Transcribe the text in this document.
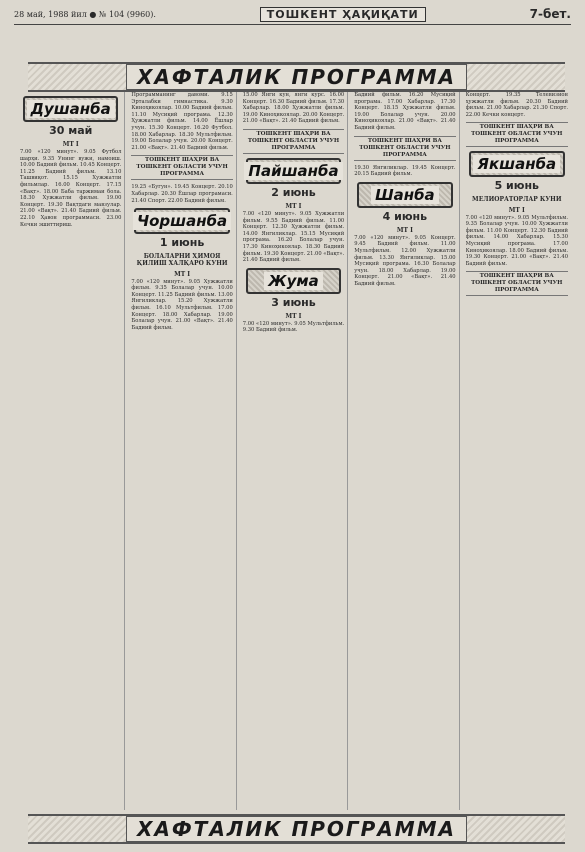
28 май, 1988 йил ● № 104 (9960).	ТОШКЕНТ ҲАҚИҚАТИ	7-бет.
ХАФТАЛИК ПРОГРАММА
Душанба
30 май
МТ I
7.00 «120 минут». 9.05 Футбол шарҳи. 9.35 Унинг вужи, намоиш. 10.00 Бадиий фильм. 10.45 Концерт. 11.25 Бадиий фильм. 13.10 Ташвиқот. 15.15 Хужжатли фильмлар. 16.00 Концерт. 17.15 «Вақт». 18.00 Баба таржимаи бола. 18.30 Хужжатли фильм. 19.00 Концерт. 19.30 Вақтдаги мавзулар. 21.00 «Вақт». 21.40 Бадиий фильм. 22.10 Ҳавон программаси. 23.00 Кечки эшиттириш.
Программанинг давоми. 9.15 Эрталабки гимнастика. 9.30 Киноҳикоялар. 10.00 Бадиий фильм. 11.10 Мусиқий програма. 12.30 Ҳужжатли фильм. 14.00 Ёшлар учун. 15.30 Концерт. 16.20 Футбол. 18.00 Хабарлар. 18.30 Мультфильм. 19.00 Болалар учун. 20.00 Концерт. 21.00 «Вақт». 21.40 Бадиий фильм.
ТОШКЕНТ ШАҲРИ ВА ТОШКЕНТ ОБЛАСТИ УЧУН ПРОГРАММА
19.25 «Бугун». 19.45 Концерт. 20.10 Хабарлар. 20.30 Ёшлар програмаси. 21.40 Спорт. 22.00 Бадиий фильм.
Чоршанба
1 июнь
БОЛАЛАРНИ ҲИМОЯ ҚИЛИШ ХАЛҚАРО КУНИ
МТ I
7.00 «120 минут». 9.05 Хужжатли фильм. 9.35 Болалар учун. 10.00 Концерт. 11.25 Бадиий фильм. 13.00 Янгиликлар. 15.20 Хужжатли фильм. 16.10 Мультфильм. 17.00 Концерт. 18.00 Хабарлар. 19.00 Болалар учун. 21.00 «Вақт». 21.40 Бадиий фильм.
15.00 Янги кун, янги курс. 16.00 Концерт. 16.30 Бадиий фильм. 17.30 Хабарлар. 18.00 Ҳужжатли фильм. 19.00 Киноҳикоялар. 20.00 Концерт. 21.00 «Вақт». 21.40 Бадиий фильм.
ТОШКЕНТ ШАҲРИ ВА ТОШКЕНТ ОБЛАСТИ УЧУН ПРОГРАММА
Пайшанба
2 июнь
МТ I
7.00 «120 минут». 9.05 Хужжатли фильм. 9.55 Бадиий фильм. 11.00 Концерт. 12.30 Ҳужжатли фильм. 14.00 Янгиликлар. 15.15 Мусиқий програма. 16.20 Болалар учун. 17.30 Киноҳикоялар. 18.30 Бадиий фильм. 19.30 Концерт. 21.00 «Вақт». 21.40 Бадиий фильм.
Жума
3 июнь
МТ I
7.00 «120 минут». 9.05 Мультфильм. 9.30 Бадиий фильм.
Бадиий фильм. 16.20 Мусиқий програма. 17.00 Хабарлар. 17.30 Концерт. 18.15 Ҳужжатли фильм. 19.00 Болалар учун. 20.00 Киноҳикоялар. 21.00 «Вақт». 21.40 Бадиий фильм.
ТОШКЕНТ ШАҲРИ ВА ТОШКЕНТ ОБЛАСТИ УЧУН ПРОГРАММА
19.30 Янгиликлар. 19.45 Концерт. 20.15 Бадиий фильм.
Шанба
4 июнь
МТ I
7.00 «120 минут». 9.05 Концерт. 9.45 Бадиий фильм. 11.00 Мультфильм. 12.00 Хужжатли фильм. 13.30 Янгиликлар. 15.00 Мусиқий програма. 16.30 Болалар учун. 18.00 Хабарлар. 19.00 Концерт. 21.00 «Вақт». 21.40 Бадиий фильм.
Концерт. 19.35 Телевизион ҳужжатли фильм. 20.30 Бадиий фильм. 21.00 Хабарлар. 21.30 Спорт. 22.00 Кечки концерт.
ТОШКЕНТ ШАҲРИ ВА ТОШКЕНТ ОБЛАСТИ УЧУН ПРОГРАММА
Якшанба
5 июнь
МЕЛИОРАТОРЛАР КУНИ
МТ I
7.00 «120 минут». 9.05 Мультфильм. 9.35 Болалар учун. 10.00 Хужжатли фильм. 11.00 Концерт. 12.30 Бадиий фильм. 14.00 Хабарлар. 15.30 Мусиқий програма. 17.00 Киноҳикоялар. 18.00 Бадиий фильм. 19.30 Концерт. 21.00 «Вақт». 21.40 Бадиий фильм.
ТОШКЕНТ ШАҲРИ ВА ТОШКЕНТ ОБЛАСТИ УЧУН ПРОГРАММА
ХАФТАЛИК ПРОГРАММА
